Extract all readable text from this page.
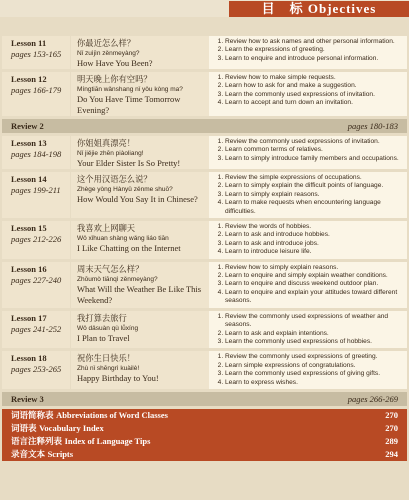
目　标 Objectives
Lesson 11
pages 153-165
你最近怎么样？
Nǐ zuìjìn zěnmeyàng?
How Have You Been?
1. Review how to ask names and other personal information.
2. Learn the expressions of greeting.
3. Learn to enquire and introduce personal information.
Lesson 12
pages 166-179
明天晚上你有空吗？
Míngtiān wǎnshang nǐ yǒu kòng ma?
Do You Have Time Tomorrow Evening?
1. Review how to make simple requests.
2. Learn how to ask for and make a suggestion.
3. Learn the commonly used expressions of invitation.
4. Learn to accept and turn down an invitation.
Review 2	pages 180-183
Lesson 13
pages 184-198
你姐姐真漂亮！
Nǐ jiějie zhēn piàoliang!
Your Elder Sister Is So Pretty!
1. Review the commonly used expressions of invitation.
2. Learn common terms of relatives.
3. Learn to simply introduce family members and occupations.
Lesson 14
pages 199-211
这个用汉语怎么说？
Zhège yòng Hànyǔ zěnme shuō?
How Would You Say It in Chinese?
1. Review the simple expressions of occupations.
2. Learn to simply explain the difficult points of language.
3. Learn to simply explain reasons.
4. Learn to make requests when encountering language difficulties.
Lesson 15
pages 212-226
我喜欢上网聊天
Wǒ xǐhuan shàng wǎng liáo tiān
I Like Chatting on the Internet
1. Review the words of hobbies.
2. Learn to ask and introduce hobbies.
3. Learn to ask and introduce jobs.
4. Learn to introduce leisure life.
Lesson 16
pages 227-240
周末天气怎么样？
Zhōumò tiānqì zěnmeyàng?
What Will the Weather Be Like This Weekend?
1. Review how to simply explain reasons.
2. Learn to enquire and simply explain weather conditions.
3. Learn to enquire and discuss weekend outdoor plan.
4. Learn to enquire and explain your attitudes toward different seasons.
Lesson 17
pages 241-252
我打算去旅行
Wǒ dǎsuàn qù lǚxíng
I Plan to Travel
1. Review the commonly used expressions of weather and seasons.
2. Learn to ask and explain intentions.
3. Learn the commonly used expressions of hobbies.
Lesson 18
pages 253-265
祝你生日快乐！
Zhù nǐ shēngrì kuàilè!
Happy Birthday to You!
1. Review the commonly used expressions of greeting.
2. Learn simple expressions of congratulations.
3. Learn the commonly used expressions of giving gifts.
4. Learn to express wishes.
Review 3	pages 266-269
词语简称表 Abbreviations of Word Classes	270
词语表 Vocabulary Index	270
语言注释列表 Index of Language Tips	289
录音文本 Scripts	294
